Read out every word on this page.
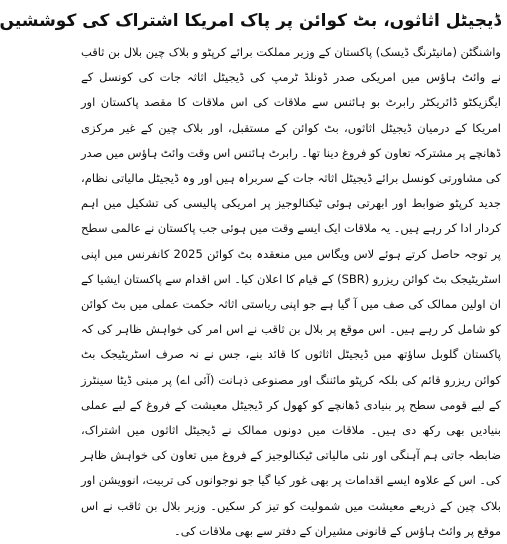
ڈیجیٹل اثاثوں، بٹ کوائن پر پاک امریکا اشتراک کی کوششیں

واشنگٹن (مانیٹرنگ ڈیسک) پاکستان کے وزیر مملکت برائے کرپٹو و بلاک چین بلال بن ثاقب نے وائٹ ہاؤس میں امریکی صدر ڈونلڈ ٹرمپ کی ڈیجیٹل اثاثہ جات کی کونسل کے ایگزیکٹو ڈائریکٹر رابرٹ بو ہائنس سے ملاقات کی اس ملاقات کا مقصد پاکستان اور امریکا کے درمیان ڈیجیٹل اثاثوں، بٹ کوائن کے مستقبل، اور بلاک چین کے غیر مرکزی ڈھانچے پر مشترکہ تعاون کو فروغ دینا تھا۔ رابرٹ ہائنس اس وقت وائٹ ہاؤس میں صدر کی مشاورتی کونسل برائے ڈیجیٹل اثاثہ جات کے سربراہ ہیں اور وہ ڈیجیٹل مالیاتی نظام، جدید کرپٹو ضوابط اور ابھرتی ہوئی ٹیکنالوجیز پر امریکی پالیسی کی تشکیل میں اہم کردار ادا کر رہے ہیں۔ یہ ملاقات ایک ایسے وقت میں ہوئی جب پاکستان نے عالمی سطح پر توجہ حاصل کرتے ہوئے لاس ویگاس میں منعقدہ بٹ کوائن 2025 کانفرنس میں اپنی اسٹریٹیجک بٹ کوائن ریزرو (SBR) کے قیام کا اعلان کیا۔ اس اقدام سے پاکستان ایشیا کے ان اولین ممالک کی صف میں آ گیا ہے جو اپنی ریاستی اثاثہ حکمت عملی میں بٹ کوائن کو شامل کر رہے ہیں۔ اس موقع پر بلال بن ثاقب نے اس امر کی خواہش ظاہر کی کہ پاکستان گلوبل ساؤتھ میں ڈیجیٹل اثاثوں کا قائد بنے، جس نے نہ صرف اسٹریٹیجک بٹ کوائن ریزرو قائم کی بلکہ کرپٹو مائننگ اور مصنوعی ذہانت (آئی اے) پر مبنی ڈیٹا سینٹرز کے لیے قومی سطح پر بنیادی ڈھانچے کو کھول کر ڈیجیٹل معیشت کے فروغ کے لیے عملی بنیادیں بھی رکھ دی ہیں۔ ملاقات میں دونوں ممالک نے ڈیجیٹل اثاثوں میں اشتراک، ضابطہ جاتی ہم آہنگی اور نئی مالیاتی ٹیکنالوجیز کے فروغ میں تعاون کی خواہش ظاہر کی۔ اس کے علاوہ ایسے اقدامات پر بھی غور کیا گیا جو نوجوانوں کی تربیت، انوویشن اور بلاک چین کے ذریعے معیشت میں شمولیت کو تیز کر سکیں۔ وزیر بلال بن ثاقب نے اس موقع پر وائٹ ہاؤس کے قانونی مشیران کے دفتر سے بھی ملاقات کی۔
